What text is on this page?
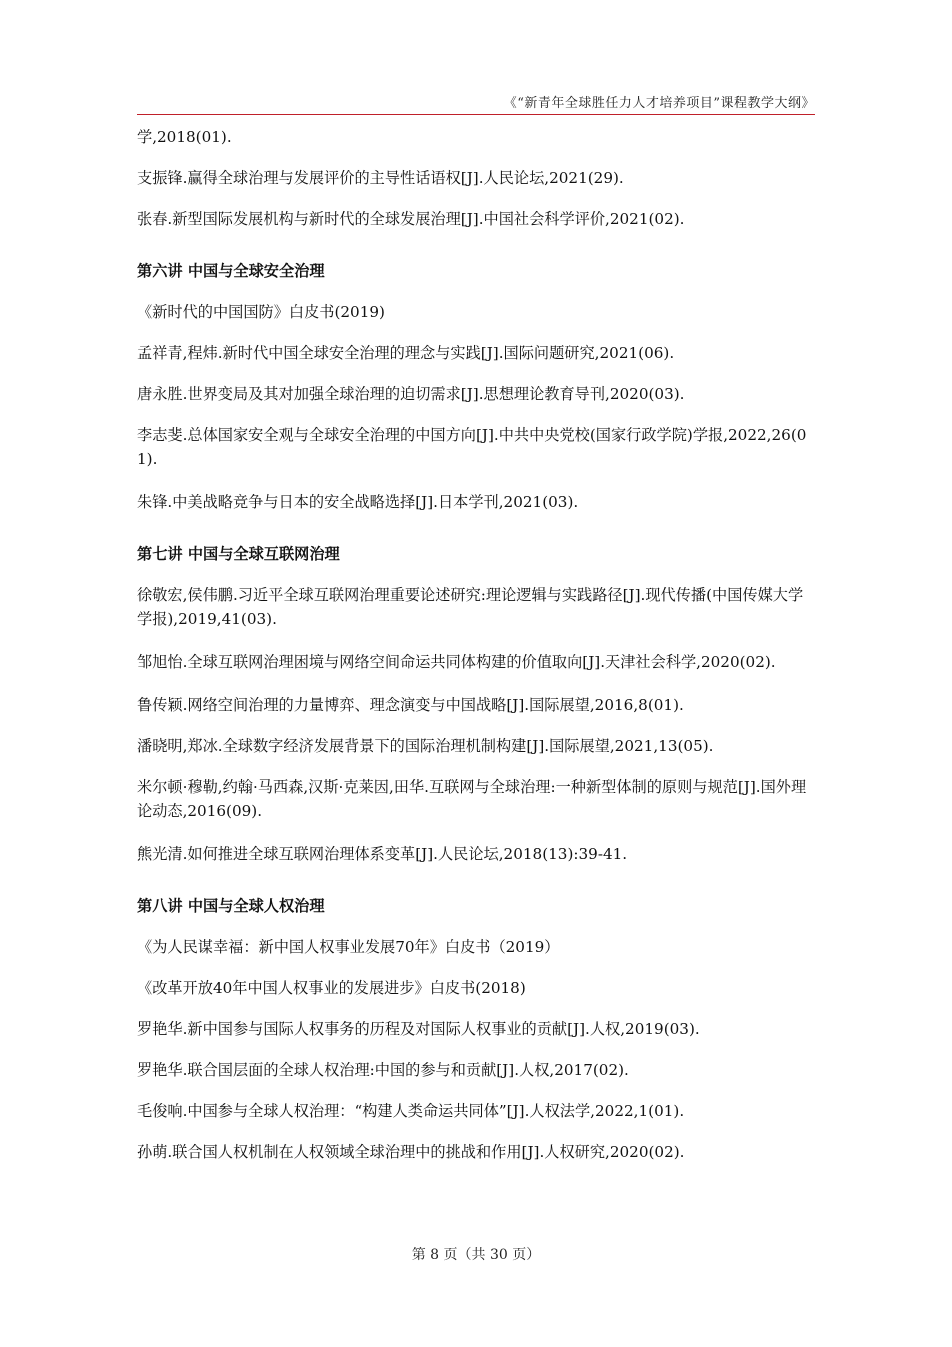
《“新青年全球胜任力人才培养项目”课程教学大纲》

学,2018(01).

支振锋.赢得全球治理与发展评价的主导性话语权[J].人民论坛,2021(29).

张春.新型国际发展机构与新时代的全球发展治理[J].中国社会科学评价,2021(02).

第六讲 中国与全球安全治理

《新时代的中国国防》白皮书(2019)

孟祥青,程炜.新时代中国全球安全治理的理念与实践[J].国际问题研究,2021(06).

唐永胜.世界变局及其对加强全球治理的迫切需求[J].思想理论教育导刊,2020(03).

李志斐.总体国家安全观与全球安全治理的中国方向[J].中共中央党校(国家行政学院)学报,2022,26(01).

朱锋.中美战略竞争与日本的安全战略选择[J].日本学刊,2021(03).

第七讲 中国与全球互联网治理

徐敬宏,侯伟鹏.习近平全球互联网治理重要论述研究:理论逻辑与实践路径[J].现代传播(中国传媒大学学报),2019,41(03).

邹旭怡.全球互联网治理困境与网络空间命运共同体构建的价值取向[J].天津社会科学,2020(02).

鲁传颖.网络空间治理的力量博弈、理念演变与中国战略[J].国际展望,2016,8(01).

潘晓明,郑冰.全球数字经济发展背景下的国际治理机制构建[J].国际展望,2021,13(05).

米尔顿·穆勒,约翰·马西森,汉斯·克莱因,田华.互联网与全球治理:一种新型体制的原则与规范[J].国外理论动态,2016(09).

熊光清.如何推进全球互联网治理体系变革[J].人民论坛,2018(13):39-41.

第八讲 中国与全球人权治理

《为人民谋幸福：新中国人权事业发展70年》白皮书（2019）

《改革开放40年中国人权事业的发展进步》白皮书(2018)

罗艳华.新中国参与国际人权事务的历程及对国际人权事业的贡献[J].人权,2019(03).

罗艳华.联合国层面的全球人权治理:中国的参与和贡献[J].人权,2017(02).

毛俊响.中国参与全球人权治理：“构建人类命运共同体”[J].人权法学,2022,1(01).

孙萌.联合国人权机制在人权领域全球治理中的挑战和作用[J].人权研究,2020(02).

第 8 页（共 30 页）
